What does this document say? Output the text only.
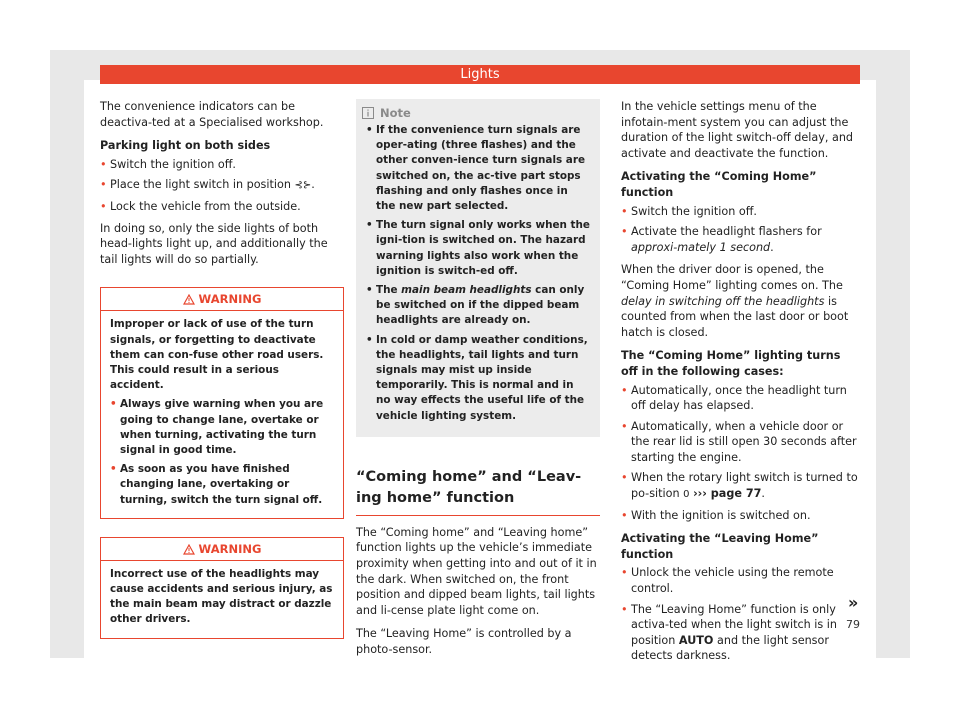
Lights

The convenience indicators can be deactiva-ted at a Specialised workshop.

Parking light on both sides

• Switch the ignition off.
• Place the light switch in position ⊰⊱.
• Lock the vehicle from the outside.

In doing so, only the side lights of both head-lights light up, and additionally the tail lights will do so partially.

WARNING

Improper or lack of use of the turn signals, or forgetting to deactivate them can con-fuse other road users. This could result in a serious accident.

• Always give warning when you are going to change lane, overtake or when turning, activating the turn signal in good time.
• As soon as you have finished changing lane, overtaking or turning, switch the turn signal off.
WARNING

Incorrect use of the headlights may cause accidents and serious injury, as the main beam may distract or dazzle other drivers.

Note
• If the convenience turn signals are oper-ating (three flashes) and the other conven-ience turn signals are switched on, the ac-tive part stops flashing and only flashes once in the new part selected.
• The turn signal only works when the igni-tion is switched on. The hazard warning lights also work when the ignition is switch-ed off.
• The main beam headlights can only be switched on if the dipped beam headlights are already on.
• In cold or damp weather conditions, the headlights, tail lights and turn signals may mist up inside temporarily. This is normal and in no way effects the useful life of the vehicle lighting system.
“Coming home” and “Leav-ing home” function

The “Coming home” and “Leaving home” function lights up the vehicle’s immediate proximity when getting into and out of it in the dark. When switched on, the front position and dipped beam lights, tail lights and li-cense plate light come on.

The “Leaving Home” is controlled by a photo-sensor.

In the vehicle settings menu of the infotain-ment system you can adjust the duration of the light switch-off delay, and activate and deactivate the function.

Activating the “Coming Home” function

• Switch the ignition off.
• Activate the headlight flashers for approxi-mately 1 second.

When the driver door is opened, the “Coming Home” lighting comes on. The delay in switching off the headlights is counted from when the last door or boot hatch is closed.

The “Coming Home” lighting turns off in the following cases:

• Automatically, once the headlight turn off delay has elapsed.
• Automatically, when a vehicle door or the rear lid is still open 30 seconds after starting the engine.
• When the rotary light switch is turned to po-sition 0 ››› page 77.
• With the ignition is switched on.

Activating the “Leaving Home” function

• Unlock the vehicle using the remote control.
• The “Leaving Home” function is only activa-ted when the light switch is in position AUTO and the light sensor detects darkness.
»
79
